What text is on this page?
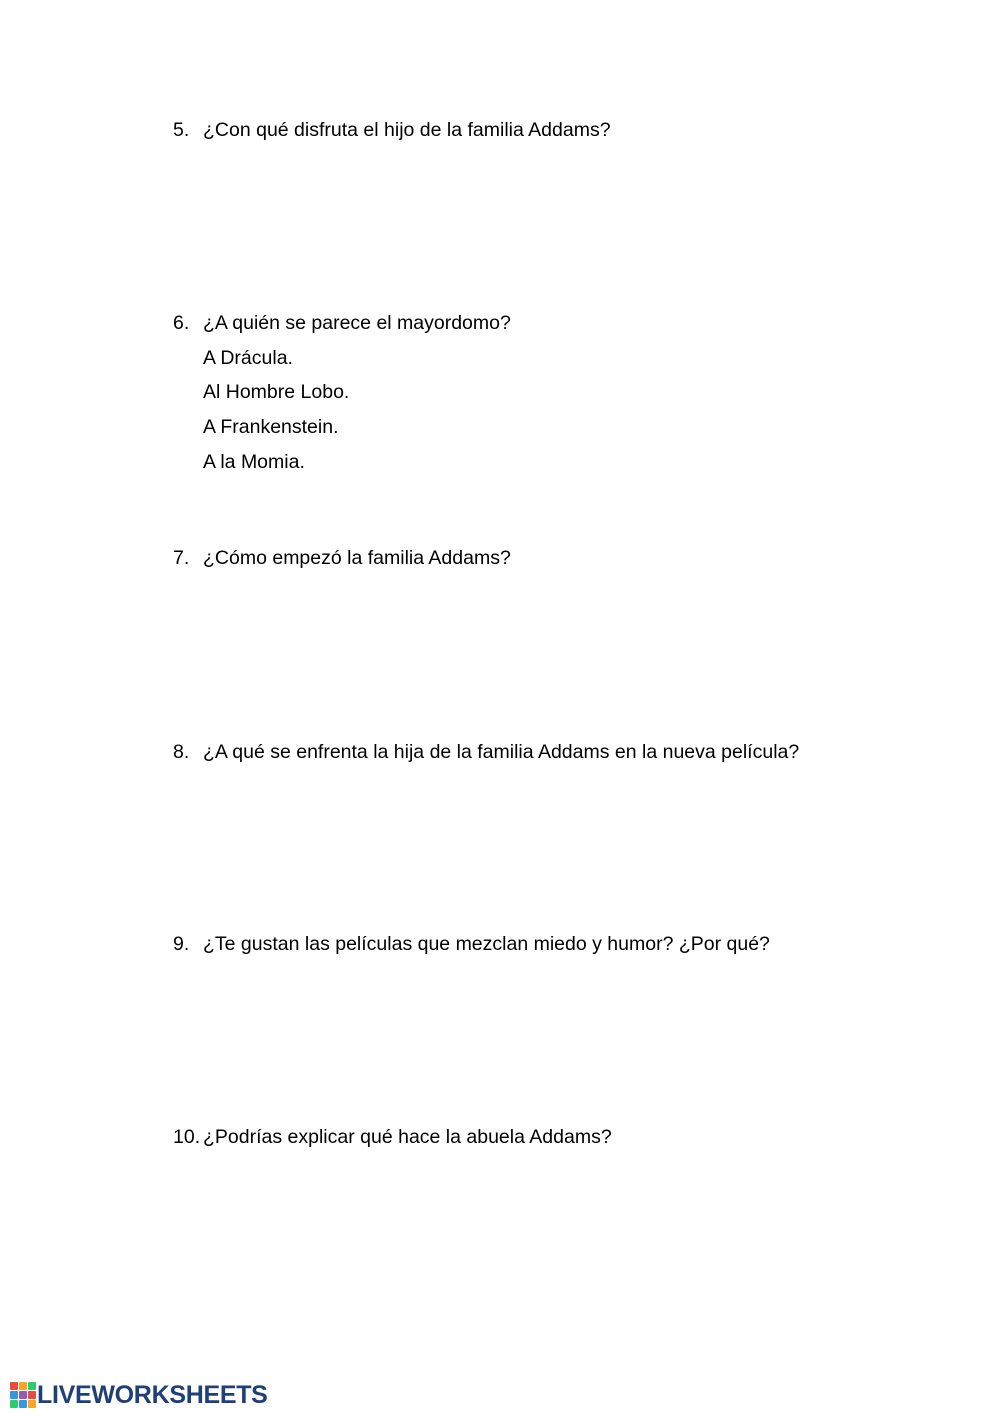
5. ¿Con qué disfruta el hijo de la familia Addams?
6. ¿A quién se parece el mayordomo?
A Drácula.
Al Hombre Lobo.
A Frankenstein.
A la Momia.
7. ¿Cómo empezó la familia Addams?
8. ¿A qué se enfrenta la hija de la familia Addams en la nueva película?
9. ¿Te gustan las películas que mezclan miedo y humor? ¿Por qué?
10. ¿Podrías explicar qué hace la abuela Addams?
LIVEWORKSHEETS
